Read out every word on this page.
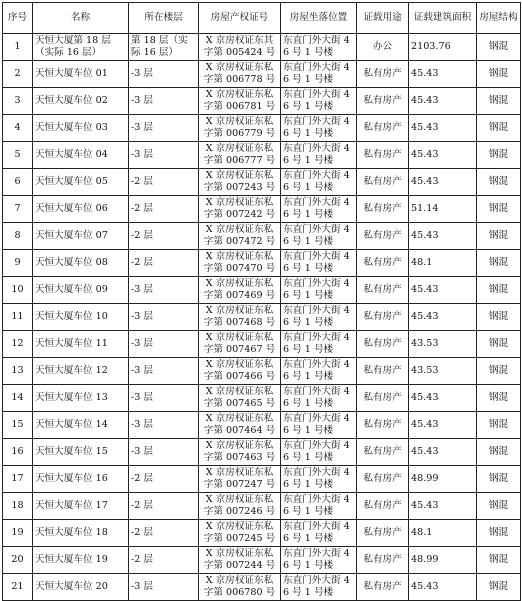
序号	名称	所在楼层	房屋产权证号	房屋坐落位置	证载用途	证载建筑面积	房屋结构
1	天恒大厦第 18 层（实际 16 层）	第 18 层（实际 16 层）	X 京房权证东其字第 005424 号	东直门外大街 46 号 1 号楼	办公	2103.76	钢混
2	天恒大厦车位 01	-3 层	X 京房权证东私字第 006778 号	东直门外大街 46 号 1 号楼	私有房产	45.43	钢混
3	天恒大厦车位 02	-3 层	X 京房权证东私字第 006781 号	东直门外大街 46 号 1 号楼	私有房产	45.43	钢混
4	天恒大厦车位 03	-3 层	X 京房权证东私字第 006779 号	东直门外大街 46 号 1 号楼	私有房产	45.43	钢混
5	天恒大厦车位 04	-3 层	X 京房权证东私字第 006777 号	东直门外大街 46 号 1 号楼	私有房产	45.43	钢混
6	天恒大厦车位 05	-2 层	X 京房权证东私字第 007243 号	东直门外大街 46 号 1 号楼	私有房产	45.43	钢混
7	天恒大厦车位 06	-2 层	X 京房权证东私字第 007242 号	东直门外大街 46 号 1 号楼	私有房产	51.14	钢混
8	天恒大厦车位 07	-2 层	X 京房权证东私字第 007472 号	东直门外大街 46 号 1 号楼	私有房产	45.43	钢混
9	天恒大厦车位 08	-2 层	X 京房权证东私字第 007470 号	东直门外大街 46 号 1 号楼	私有房产	48.1	钢混
10	天恒大厦车位 09	-3 层	X 京房权证东私字第 007469 号	东直门外大街 46 号 1 号楼	私有房产	45.43	钢混
11	天恒大厦车位 10	-3 层	X 京房权证东私字第 007468 号	东直门外大街 46 号 1 号楼	私有房产	45.43	钢混
12	天恒大厦车位 11	-3 层	X 京房权证东私字第 007467 号	东直门外大街 46 号 1 号楼	私有房产	43.53	钢混
13	天恒大厦车位 12	-3 层	X 京房权证东私字第 007466 号	东直门外大街 46 号 1 号楼	私有房产	43.53	钢混
14	天恒大厦车位 13	-3 层	X 京房权证东私字第 007465 号	东直门外大街 46 号 1 号楼	私有房产	45.43	钢混
15	天恒大厦车位 14	-3 层	X 京房权证东私字第 007464 号	东直门外大街 46 号 1 号楼	私有房产	45.43	钢混
16	天恒大厦车位 15	-3 层	X 京房权证东私字第 007463 号	东直门外大街 46 号 1 号楼	私有房产	45.43	钢混
17	天恒大厦车位 16	-2 层	X 京房权证东私字第 007247 号	东直门外大街 46 号 1 号楼	私有房产	48.99	钢混
18	天恒大厦车位 17	-2 层	X 京房权证东私字第 007246 号	东直门外大街 46 号 1 号楼	私有房产	45.43	钢混
19	天恒大厦车位 18	-2 层	X 京房权证东私字第 007245 号	东直门外大街 46 号 1 号楼	私有房产	48.1	钢混
20	天恒大厦车位 19	-2 层	X 京房权证东私字第 007244 号	东直门外大街 46 号 1 号楼	私有房产	48.99	钢混
21	天恒大厦车位 20	-3 层	X 京房权证东私字第 006780 号	东直门外大街 46 号 1 号楼	私有房产	45.43	钢混
